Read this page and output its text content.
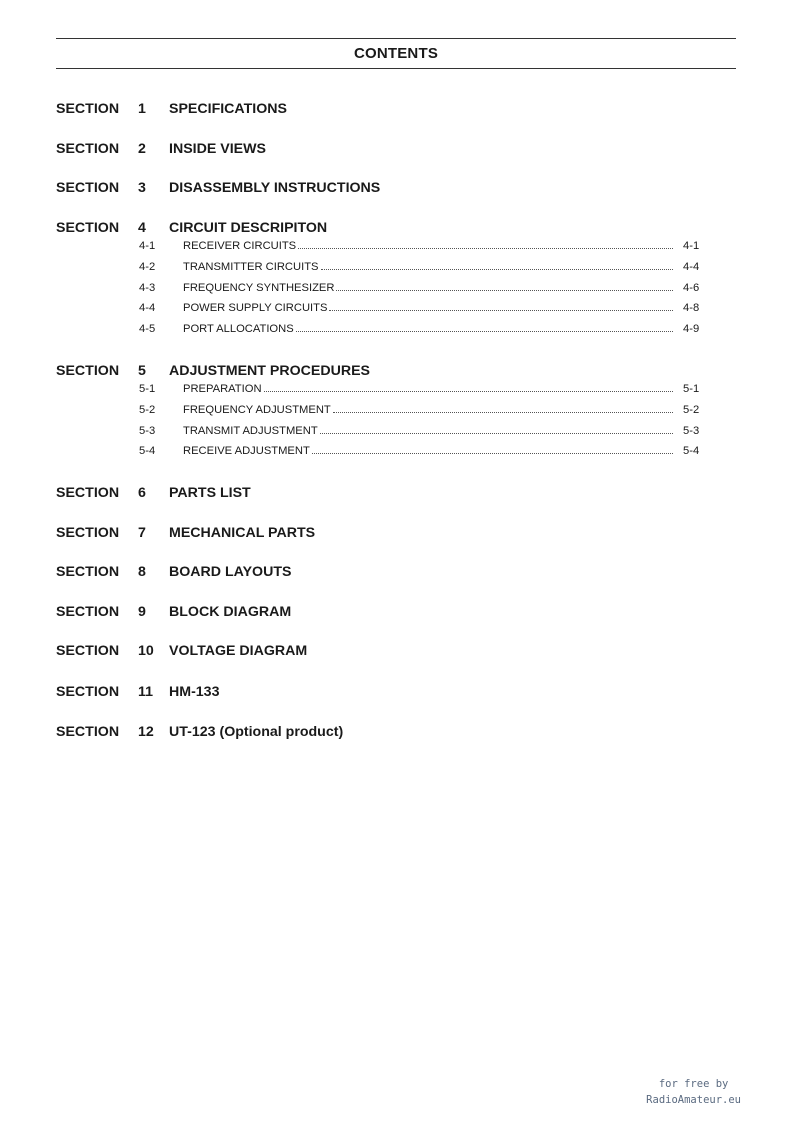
CONTENTS
SECTION 1 SPECIFICATIONS
SECTION 2 INSIDE VIEWS
SECTION 3 DISASSEMBLY INSTRUCTIONS
SECTION 4 CIRCUIT DESCRIPITON
4-1 RECEIVER CIRCUITS	4-1
4-2 TRANSMITTER CIRCUITS	4-4
4-3 FREQUENCY SYNTHESIZER	4-6
4-4 POWER SUPPLY CIRCUITS	4-8
4-5 PORT ALLOCATIONS	4-9
SECTION 5 ADJUSTMENT PROCEDURES
5-1 PREPARATION	5-1
5-2 FREQUENCY ADJUSTMENT	5-2
5-3 TRANSMIT ADJUSTMENT	5-3
5-4 RECEIVE ADJUSTMENT	5-4
SECTION 6 PARTS LIST
SECTION 7 MECHANICAL PARTS
SECTION 8 BOARD LAYOUTS
SECTION 9 BLOCK DIAGRAM
SECTION 10 VOLTAGE DIAGRAM
SECTION 11 HM-133
SECTION 12 UT-123 (Optional product)
for free by
RadioAmateur.eu
